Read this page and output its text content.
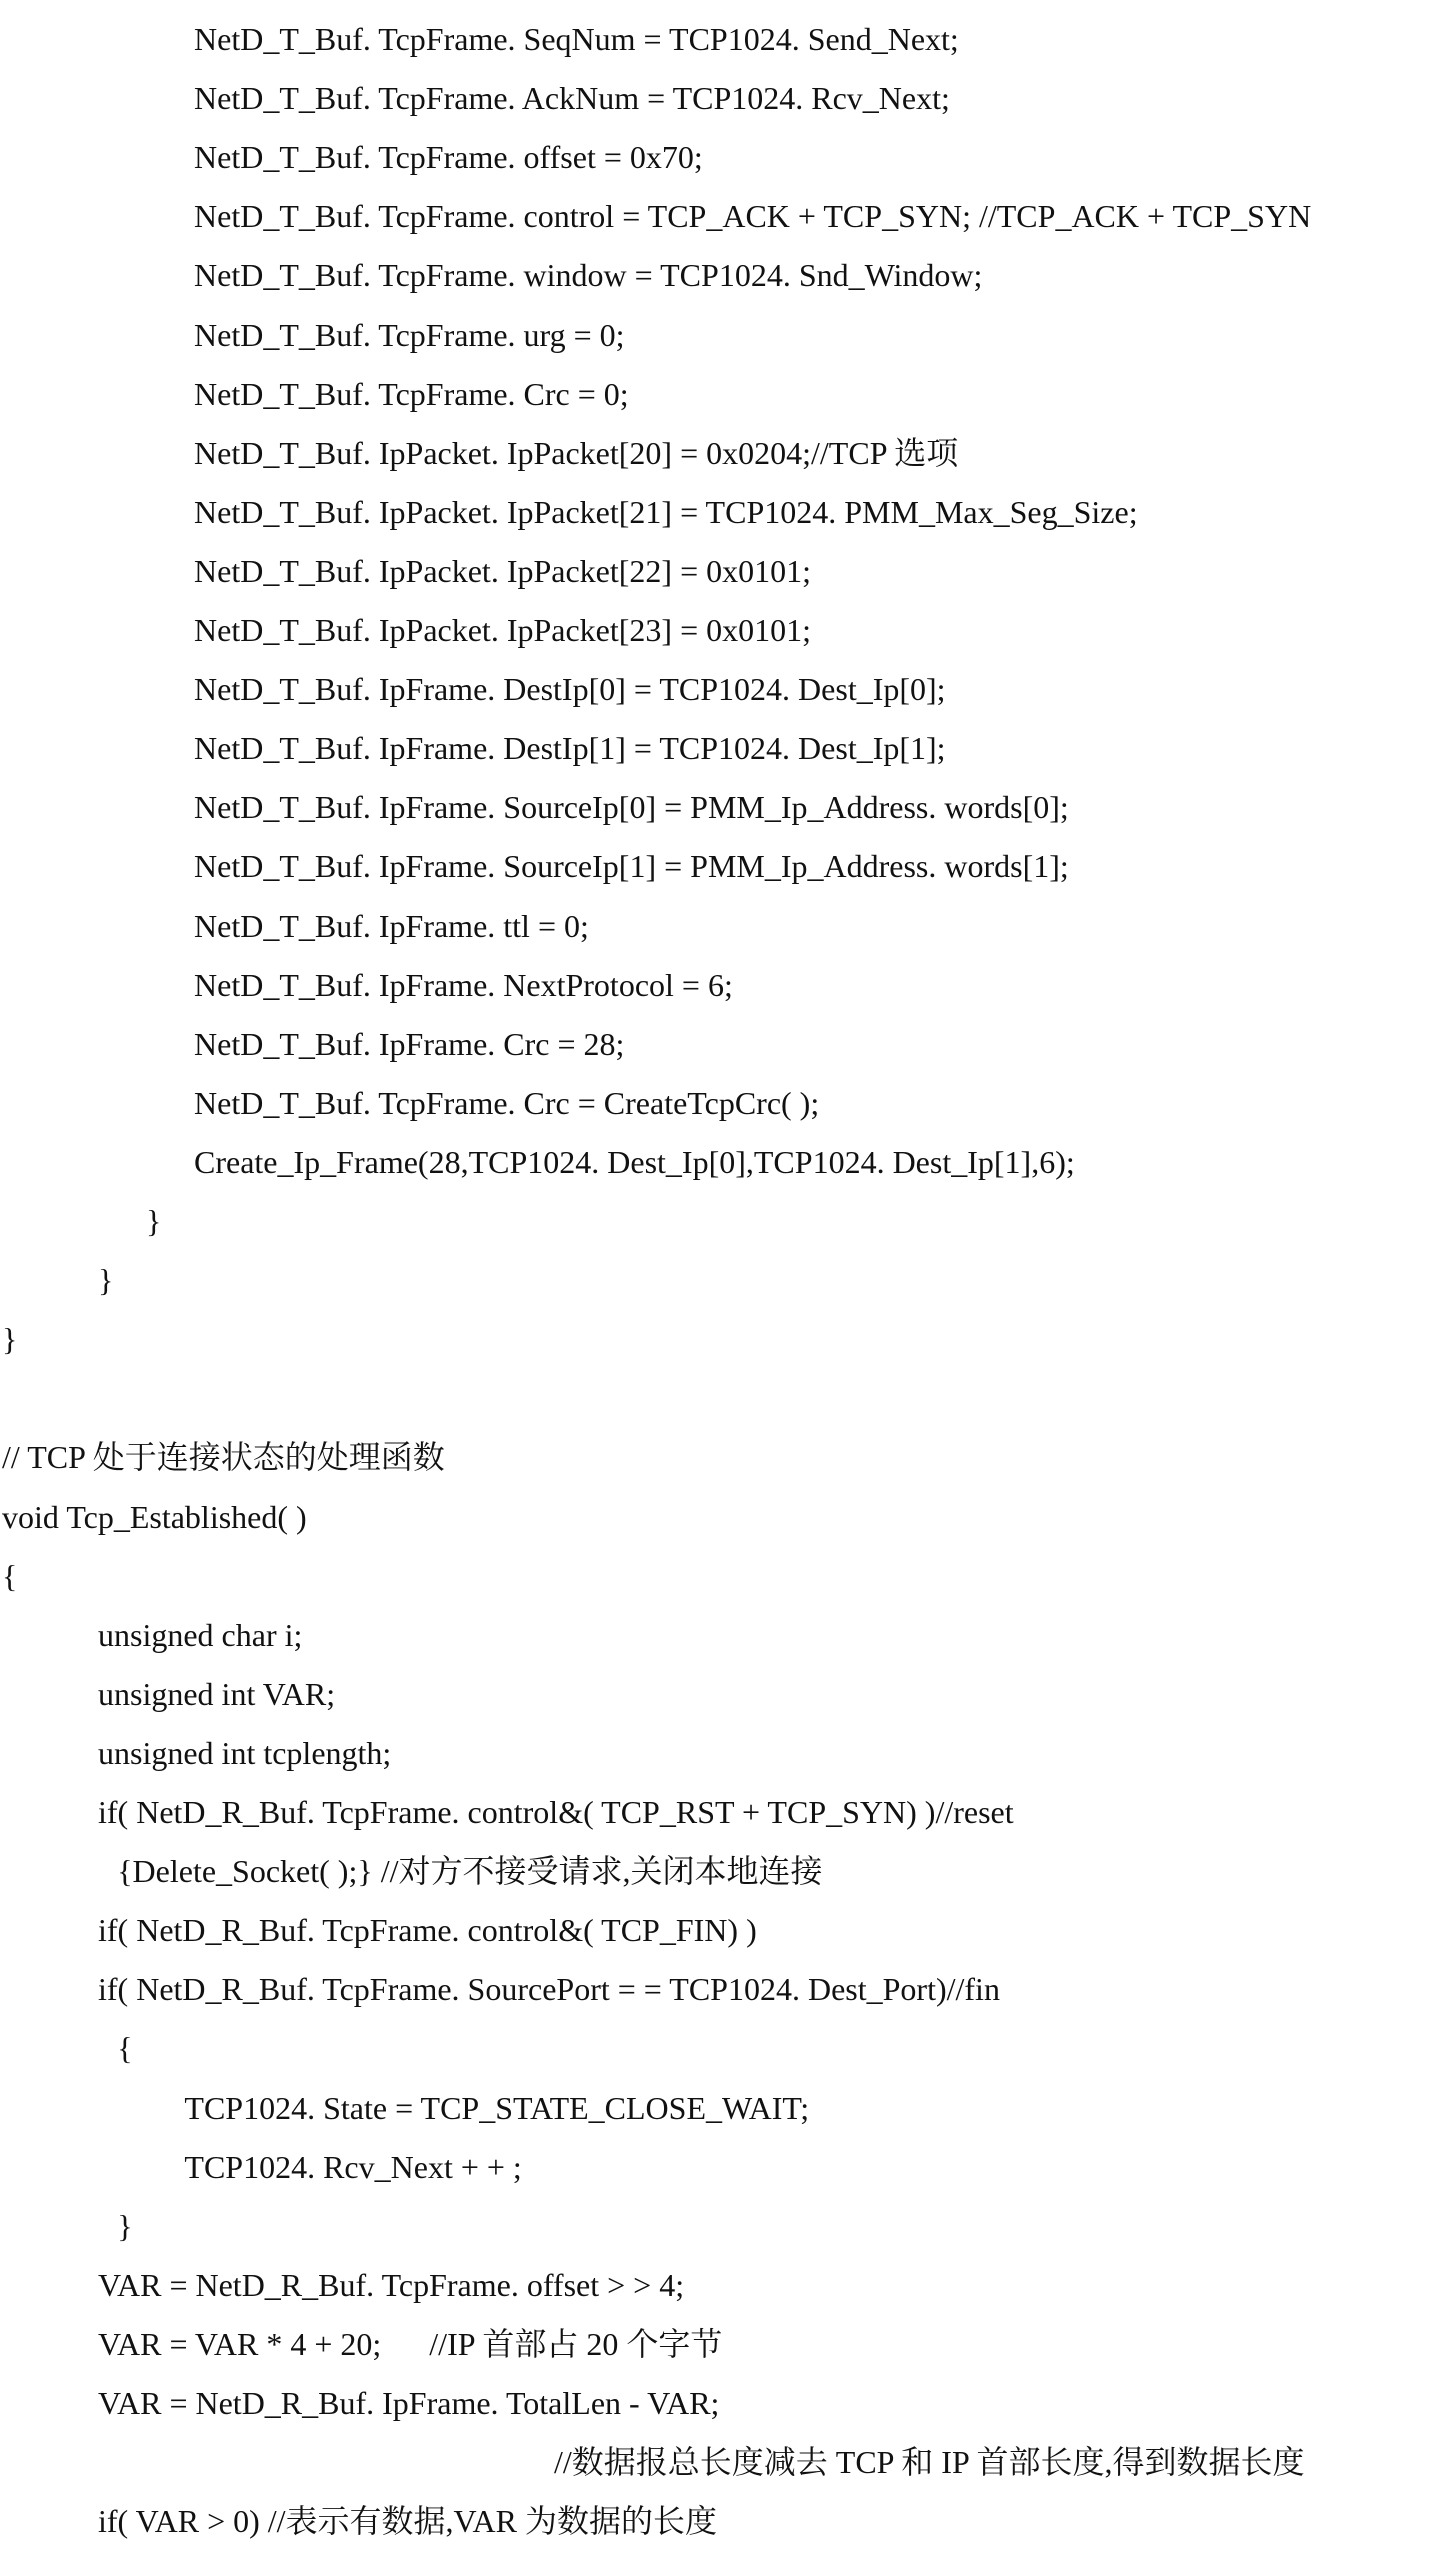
NetD_T_Buf. TcpFrame. SeqNum = TCP1024. Send_Next;
NetD_T_Buf. TcpFrame. AckNum = TCP1024. Rcv_Next;
NetD_T_Buf. TcpFrame. offset = 0x70;
NetD_T_Buf. TcpFrame. control = TCP_ACK + TCP_SYN; //TCP_ACK + TCP_SYN
NetD_T_Buf. TcpFrame. window = TCP1024. Snd_Window;
NetD_T_Buf. TcpFrame. urg = 0;
NetD_T_Buf. TcpFrame. Crc = 0;
NetD_T_Buf. IpPacket. IpPacket[20] = 0x0204;//TCP 选项
NetD_T_Buf. IpPacket. IpPacket[21] = TCP1024. PMM_Max_Seg_Size;
NetD_T_Buf. IpPacket. IpPacket[22] = 0x0101;
NetD_T_Buf. IpPacket. IpPacket[23] = 0x0101;
NetD_T_Buf. IpFrame. DestIp[0] = TCP1024. Dest_Ip[0];
NetD_T_Buf. IpFrame. DestIp[1] = TCP1024. Dest_Ip[1];
NetD_T_Buf. IpFrame. SourceIp[0] = PMM_Ip_Address. words[0];
NetD_T_Buf. IpFrame. SourceIp[1] = PMM_Ip_Address. words[1];
NetD_T_Buf. IpFrame. ttl = 0;
NetD_T_Buf. IpFrame. NextProtocol = 6;
NetD_T_Buf. IpFrame. Crc = 28;
NetD_T_Buf. TcpFrame. Crc = CreateTcpCrc( );
Create_Ip_Frame(28,TCP1024. Dest_Ip[0],TCP1024. Dest_Ip[1],6);
}
}
}
// TCP 处于连接状态的处理函数
void Tcp_Established( )
{
unsigned char i;
unsigned int VAR;
unsigned int tcplength;
if( NetD_R_Buf. TcpFrame. control&( TCP_RST + TCP_SYN) )//reset
{Delete_Socket( );} //对方不接受请求,关闭本地连接
if( NetD_R_Buf. TcpFrame. control&( TCP_FIN) )
if( NetD_R_Buf. TcpFrame. SourcePort = = TCP1024. Dest_Port)//fin
{
TCP1024. State = TCP_STATE_CLOSE_WAIT;
TCP1024. Rcv_Next + + ;
}
VAR = NetD_R_Buf. TcpFrame. offset > > 4;
VAR = VAR * 4 + 20;      //IP 首部占 20 个字节
VAR = NetD_R_Buf. IpFrame. TotalLen - VAR;
//数据报总长度减去 TCP 和 IP 首部长度,得到数据长度
if( VAR > 0) //表示有数据,VAR 为数据的长度
